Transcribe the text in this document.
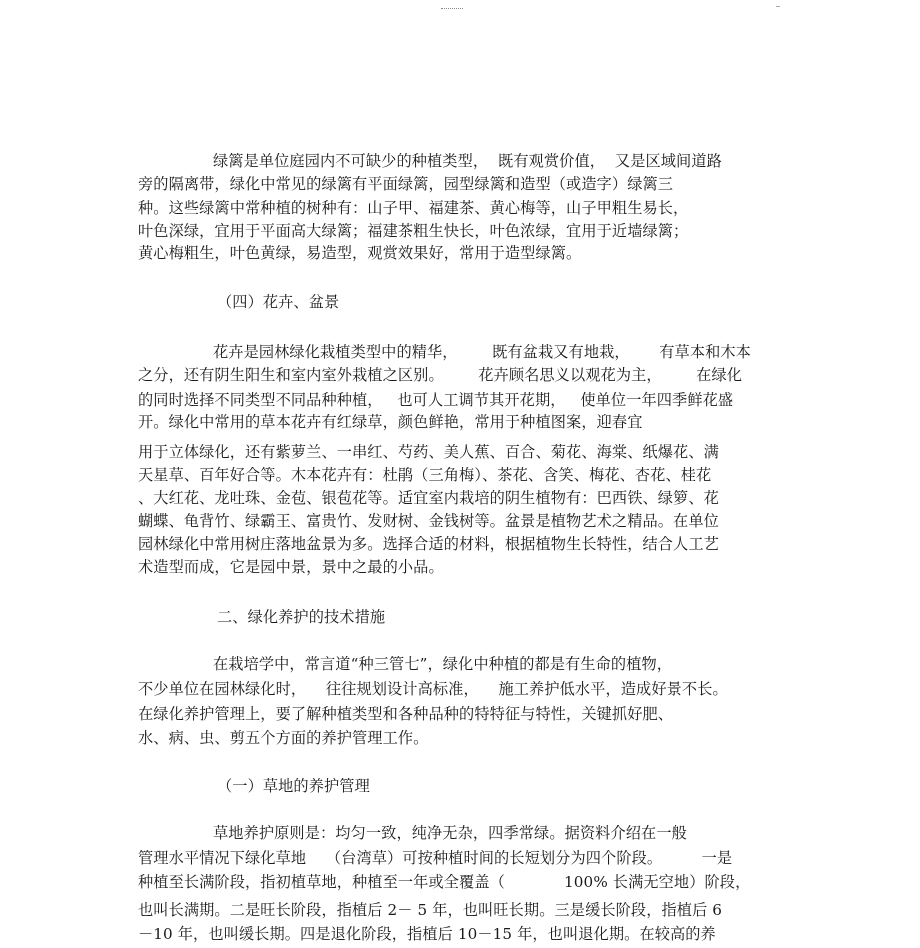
绿篱是单位庭园内不可缺少的种植类型，  既有观赏价值，  又是区域间道路
旁的隔离带，绿化中常见的绿篱有平面绿篱，园型绿篱和造型（或造字）绿篱三
种。这些绿篱中常种植的树种有：山子甲、福建茶、黄心梅等，山子甲粗生易长，
叶色深绿，宜用于平面高大绿篱；福建茶粗生快长，叶色浓绿，宜用于近墙绿篱；
黄心梅粗生，叶色黄绿，易造型，观赏效果好，常用于造型绿篱。
（四）花卉、盆景
花卉是园林绿化栽植类型中的精华，       既有盆栽又有地栽，      有草本和木本
之分，还有阴生阳生和室内室外栽植之区别。       花卉顾名思义以观花为主，       在绿化
的同时选择不同类型不同品种种植，   也可人工调节其开花期，   使单位一年四季鲜花盛
开。绿化中常用的草本花卉有红绿草，颜色鲜艳，常用于种植图案，迎春宜
用于立体绿化，还有紫萝兰、一串红、芍药、美人蕉、百合、菊花、海棠、纸爆花、满
天星草、百年好合等。木本花卉有：杜鹃（三角梅）、茶花、含笑、梅花、杏花、桂花
、大红花、龙吐珠、金苞、银苞花等。适宜室内栽培的阴生植物有：巴西铁、绿箩、花
蝴蝶、龟背竹、绿霸王、富贵竹、发财树、金钱树等。盆景是植物艺术之精品。在单位
园林绿化中常用树庄落地盆景为多。选择合适的材料，根据植物生长特性，结合人工艺
术造型而成，它是园中景，景中之最的小品。
二、绿化养护的技术措施
在栽培学中，常言道“种三管七”，绿化中种植的都是有生命的植物，
不少单位在园林绿化时，    往往规划设计高标准，    施工养护低水平，造成好景不长。
在绿化养护管理上，要了解种植类型和各种品种的特特征与特性，关键抓好肥、
水、病、虫、剪五个方面的养护管理工作。
（一）草地的养护管理
草地养护原则是：均匀一致，纯净无杂，四季常绿。据资料介绍在一般
管理水平情况下绿化草地    （台湾草）可按种植时间的长短划分为四个阶段。        一是
种植至长满阶段，指初植草地，种植至一年或全覆盖（            100% 长满无空地）阶段，
也叫长满期。二是旺长阶段，指植后 2－ 5 年，也叫旺长期。三是缓长阶段，指植后 6
－10 年，也叫缓长期。四是退化阶段，指植后 10－15 年，也叫退化期。在较高的养
